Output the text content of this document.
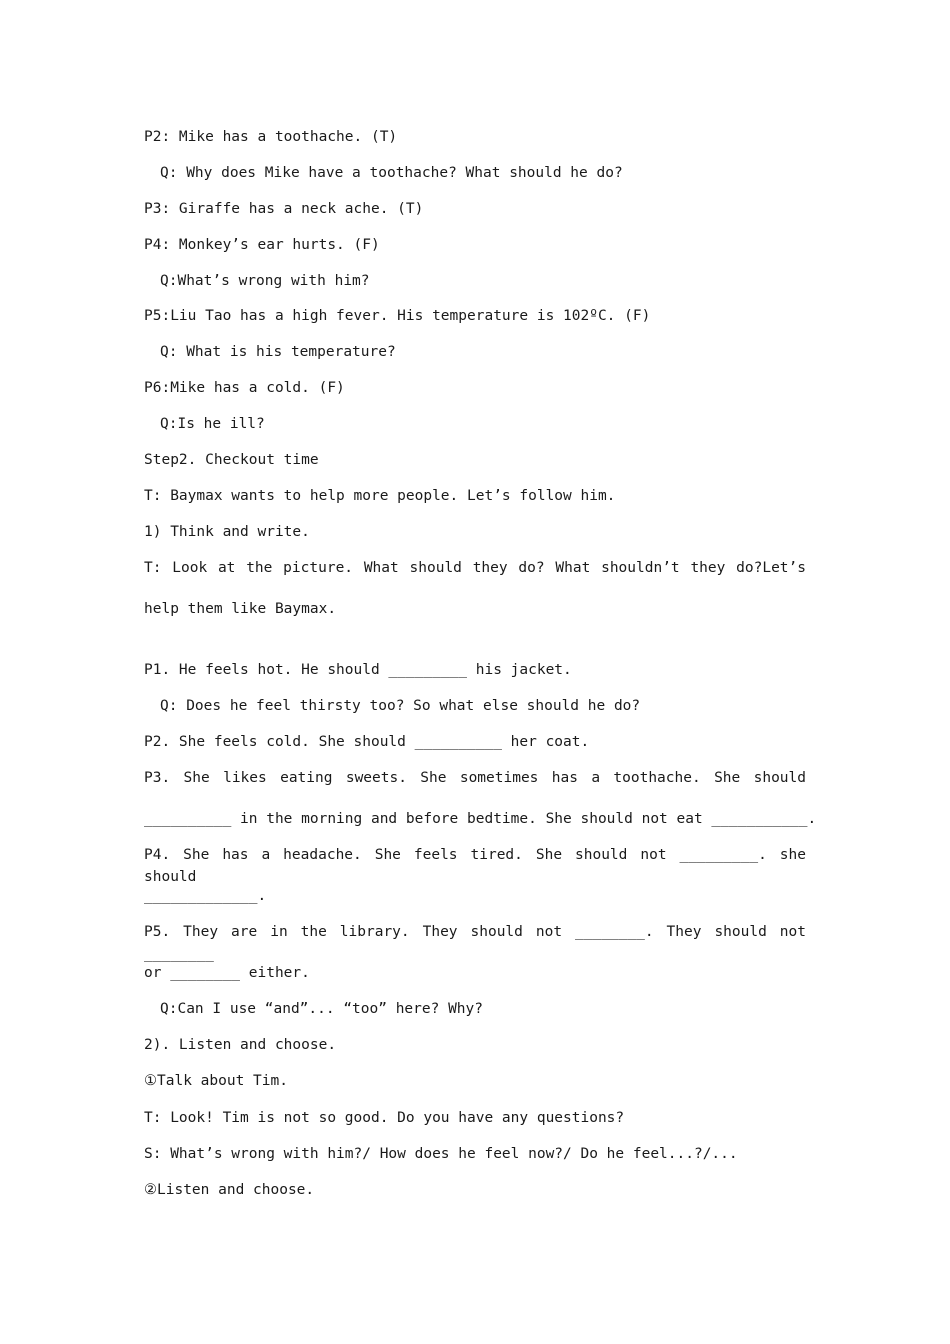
P2: Mike has a toothache. (T)
Q: Why does Mike have a toothache? What should he do?
P3: Giraffe has a neck ache. (T)
P4: Monkey’s ear hurts. (F)
Q:What’s wrong with him?
P5:Liu Tao has a high fever. His temperature is 102ºC. (F)
Q: What is his temperature?
P6:Mike has a cold. (F)
Q:Is he ill?
Step2. Checkout time
T: Baymax wants to help more people. Let’s follow him.
1) Think and write.
T: Look at the picture. What should they do? What shouldn’t they do?Let’s
help them like Baymax.
P1. He feels hot. He should _________ his jacket.
Q: Does he feel thirsty too? So what else should he do?
P2. She feels cold. She should __________ her coat.
P3. She likes eating sweets. She sometimes has a toothache. She should
__________ in the morning and before bedtime. She should not eat ___________.
P4. She has a headache. She feels tired. She should not _________. she should
_____________.
P5. They are in the library. They should not ________. They should not ________
or ________ either.
Q:Can I use “and”... “too” here? Why?
2). Listen and choose.
①Talk about Tim.
T: Look! Tim is not so good. Do you have any questions?
S: What’s wrong with him?/ How does he feel now?/ Do he feel...?/...
②Listen and choose.
